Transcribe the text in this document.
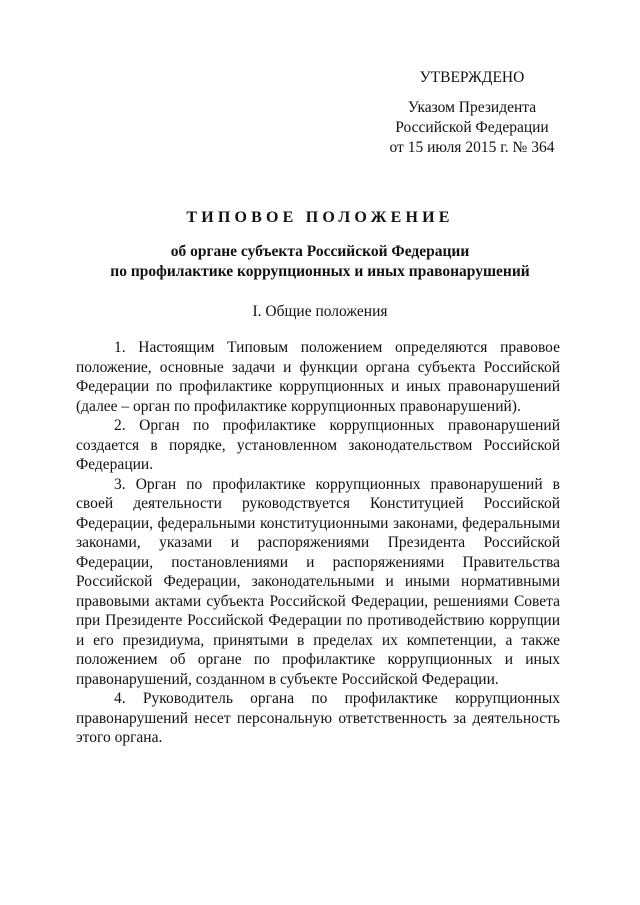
УТВЕРЖДЕНО
Указом Президента
Российской Федерации
от 15 июля 2015 г. № 364
ТИПОВОЕ ПОЛОЖЕНИЕ
об органе субъекта Российской Федерации
по профилактике коррупционных и иных правонарушений
I. Общие положения

1. Настоящим Типовым положением определяются правовое положение, основные задачи и функции органа субъекта Российской Федерации по профилактике коррупционных и иных правонарушений (далее – орган по профилактике коррупционных правонарушений).

2. Орган по профилактике коррупционных правонарушений создается в порядке, установленном законодательством Российской Федерации.

3. Орган по профилактике коррупционных правонарушений в своей деятельности руководствуется Конституцией Российской Федерации, федеральными конституционными законами, федеральными законами, указами и распоряжениями Президента Российской Федерации, постановлениями и распоряжениями Правительства Российской Федерации, законодательными и иными нормативными правовыми актами субъекта Российской Федерации, решениями Совета при Президенте Российской Федерации по противодействию коррупции и его президиума, принятыми в пределах их компетенции, а также положением об органе по профилактике коррупционных и иных правонарушений, созданном в субъекте Российской Федерации.

4. Руководитель органа по профилактике коррупционных правонарушений несет персональную ответственность за деятельность этого органа.
